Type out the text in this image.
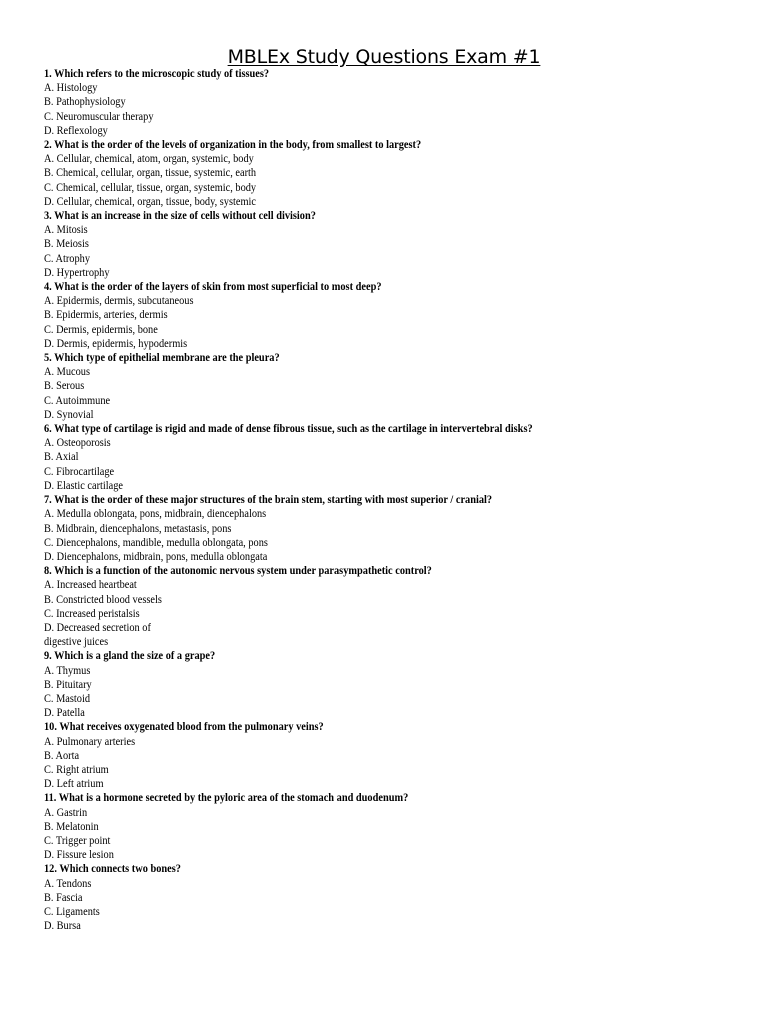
MBLEx Study Questions Exam #1

1. Which refers to the microscopic study of tissues?

A. Histology

B. Pathophysiology

C. Neuromuscular therapy

D. Reflexology

2. What is the order of the levels of organization in the body, from smallest to largest?

A. Cellular, chemical, atom, organ, systemic, body

B. Chemical, cellular, organ, tissue, systemic, earth

C. Chemical, cellular, tissue, organ, systemic, body

D. Cellular, chemical, organ, tissue, body, systemic

3. What is an increase in the size of cells without cell division?

A. Mitosis

B. Meiosis

C. Atrophy

D. Hypertrophy

4. What is the order of the layers of skin from most superficial to most deep?

A. Epidermis, dermis, subcutaneous

B. Epidermis, arteries, dermis

C. Dermis, epidermis, bone

D. Dermis, epidermis, hypodermis

5. Which type of epithelial membrane are the pleura?

A. Mucous

B. Serous

C. Autoimmune

D. Synovial

6. What type of cartilage is rigid and made of dense fibrous tissue, such as the cartilage in intervertebral disks?

A. Osteoporosis

B. Axial

C. Fibrocartilage

D. Elastic cartilage

7. What is the order of these major structures of the brain stem, starting with most superior / cranial?

A. Medulla oblongata, pons, midbrain, diencephalons

B. Midbrain, diencephalons, metastasis, pons

C. Diencephalons, mandible, medulla oblongata, pons

D. Diencephalons, midbrain, pons, medulla oblongata

8. Which is a function of the autonomic nervous system under parasympathetic control?

A. Increased heartbeat

B. Constricted blood vessels

C. Increased peristalsis

D. Decreased secretion of

digestive juices

9. Which is a gland the size of a grape?

A. Thymus

B. Pituitary

C. Mastoid

D. Patella

10. What receives oxygenated blood from the pulmonary veins?

A. Pulmonary arteries

B. Aorta

C. Right atrium

D. Left atrium

11. What is a hormone secreted by the pyloric area of the stomach and duodenum?

A. Gastrin

B. Melatonin

C. Trigger point

D. Fissure lesion

12. Which connects two bones?

A. Tendons

B. Fascia

C. Ligaments

D. Bursa
